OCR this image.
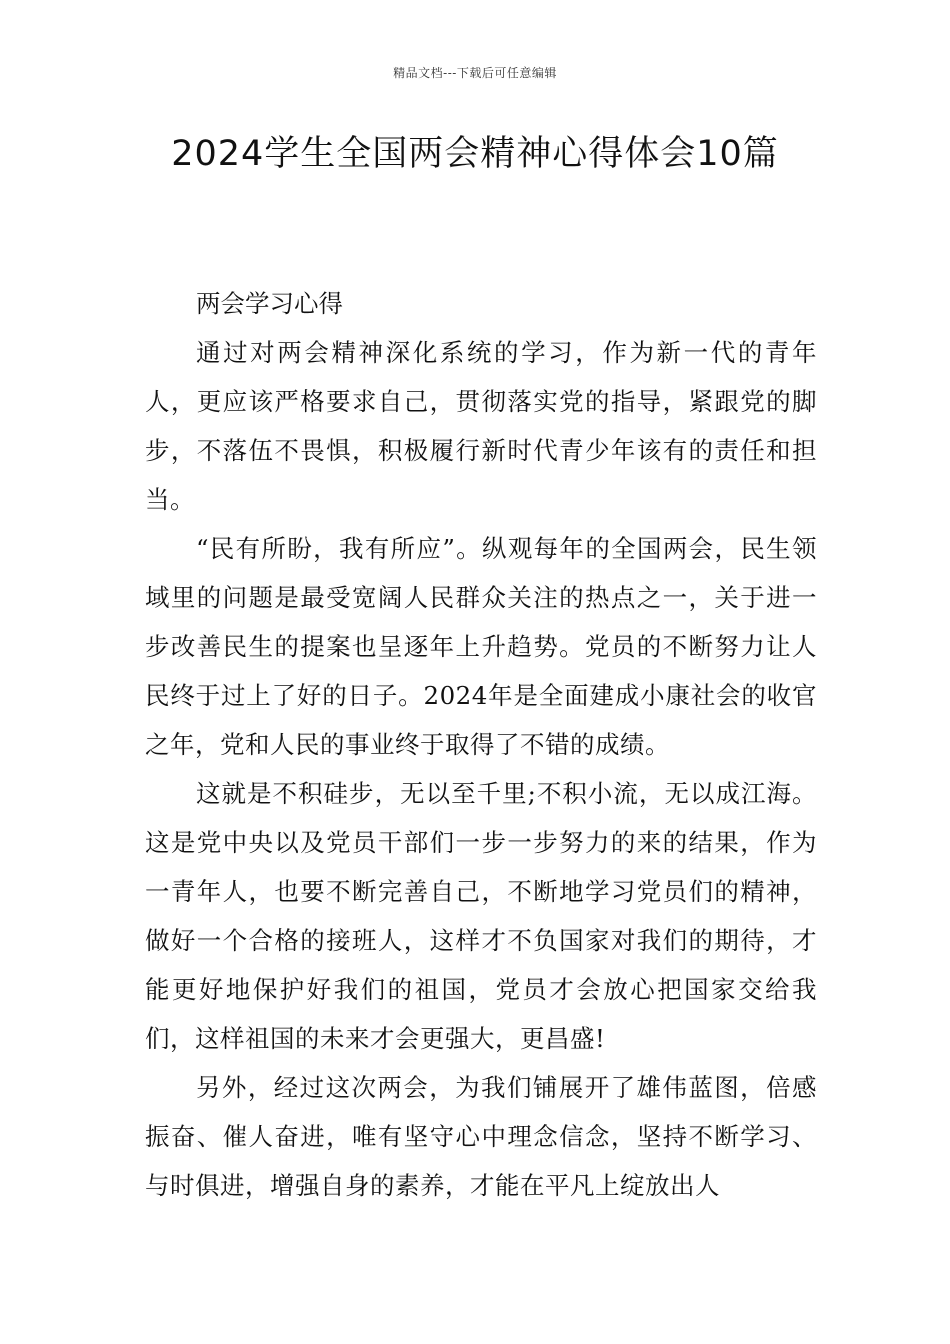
精品文档---下载后可任意编辑
2024学生全国两会精神心得体会10篇

两会学习心得

通过对两会精神深化系统的学习，作为新一代的青年人，更应该严格要求自己，贯彻落实党的指导，紧跟党的脚步，不落伍不畏惧，积极履行新时代青少年该有的责任和担当。

“民有所盼，我有所应”。纵观每年的全国两会，民生领域里的问题是最受宽阔人民群众关注的热点之一，关于进一步改善民生的提案也呈逐年上升趋势。党员的不断努力让人民终于过上了好的日子。2024年是全面建成小康社会的收官之年，党和人民的事业终于取得了不错的成绩。

这就是不积硅步，无以至千里;不积小流，无以成江海。这是党中央以及党员干部们一步一步努力的来的结果，作为一青年人，也要不断完善自己，不断地学习党员们的精神，做好一个合格的接班人，这样才不负国家对我们的期待，才能更好地保护好我们的祖国，党员才会放心把国家交给我们，这样祖国的未来才会更强大，更昌盛!

另外，经过这次两会，为我们铺展开了雄伟蓝图，倍感振奋、催人奋进，唯有坚守心中理念信念，坚持不断学习、与时俱进，增强自身的素养，才能在平凡上绽放出人
